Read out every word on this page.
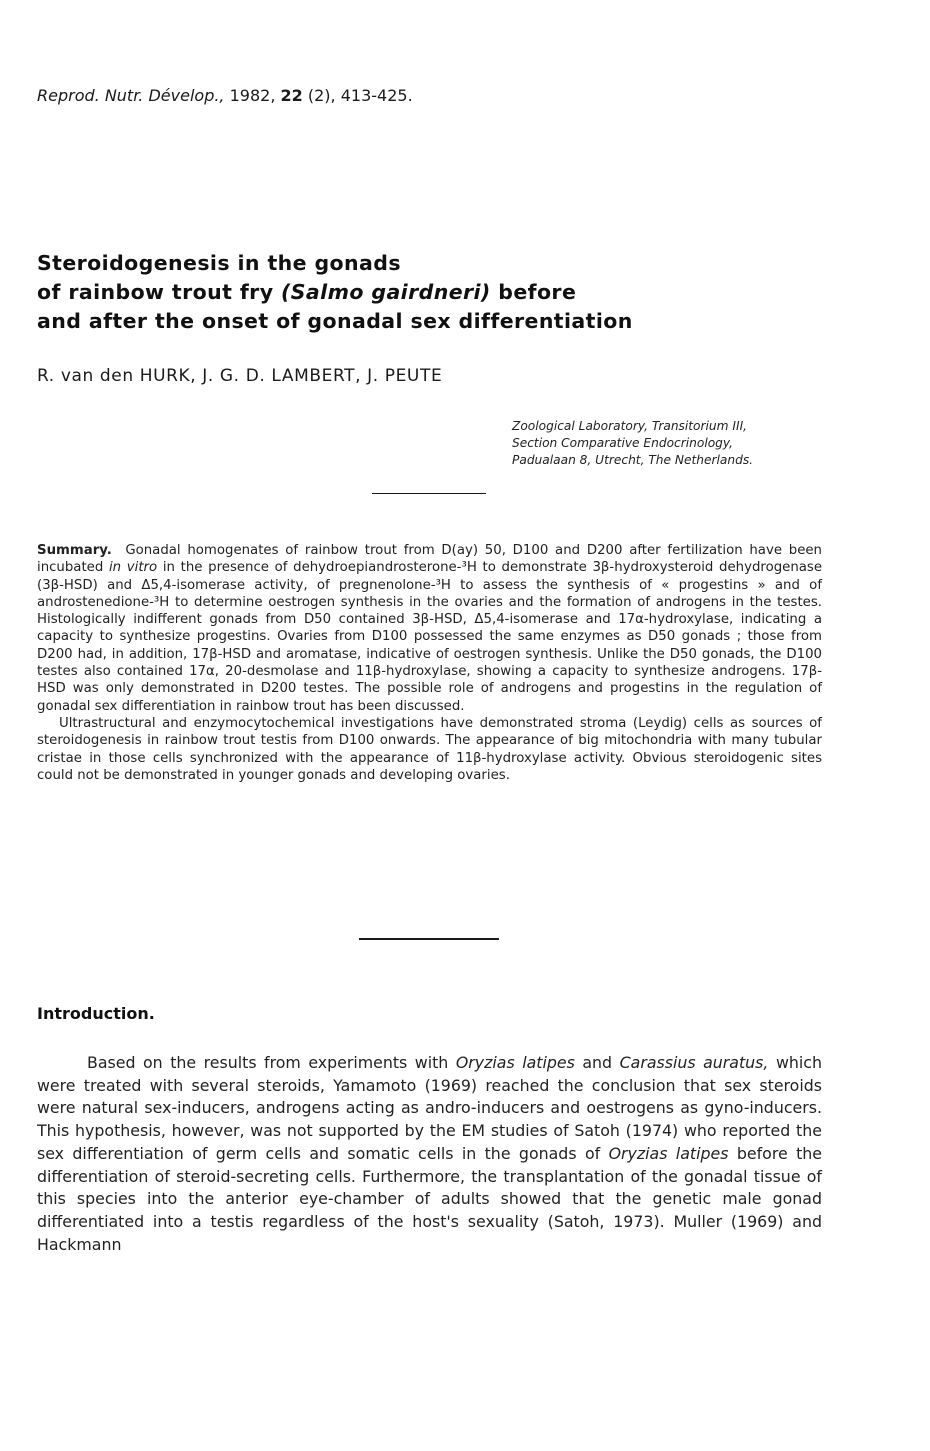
Reprod. Nutr. Dévelop., 1982, 22 (2), 413-425.
Steroidogenesis in the gonads
of rainbow trout fry (Salmo gairdneri) before
and after the onset of gonadal sex differentiation
R. van den HURK, J. G. D. LAMBERT, J. PEUTE
Zoological Laboratory, Transitorium III,
Section Comparative Endocrinology,
Padualaan 8, Utrecht, The Netherlands.

Summary. Gonadal homogenates of rainbow trout from D(ay) 50, D100 and D200 after fertilization have been incubated in vitro in the presence of dehydroepiandrosterone-³H to demonstrate 3β-hydroxysteroid dehydrogenase (3β-HSD) and Δ5,4-isomerase activity, of pregnenolone-³H to assess the synthesis of « progestins » and of androstenedione-³H to determine oestrogen synthesis in the ovaries and the formation of androgens in the testes. Histologically indifferent gonads from D50 contained 3β-HSD, Δ5,4-isomerase and 17α-hydroxylase, indicating a capacity to synthesize progestins. Ovaries from D100 possessed the same enzymes as D50 gonads ; those from D200 had, in addition, 17β-HSD and aromatase, indicative of oestrogen synthesis. Unlike the D50 gonads, the D100 testes also contained 17α, 20-desmolase and 11β-hydroxylase, showing a capacity to synthesize androgens. 17β-HSD was only demonstrated in D200 testes. The possible role of androgens and progestins in the regulation of gonadal sex differentiation in rainbow trout has been discussed.

Ultrastructural and enzymocytochemical investigations have demonstrated stroma (Leydig) cells as sources of steroidogenesis in rainbow trout testis from D100 onwards. The appearance of big mitochondria with many tubular cristae in those cells synchronized with the appearance of 11β-hydroxylase activity. Obvious steroidogenic sites could not be demonstrated in younger gonads and developing ovaries.

Introduction.
Based on the results from experiments with Oryzias latipes and Carassius auratus, which were treated with several steroids, Yamamoto (1969) reached the conclusion that sex steroids were natural sex-inducers, androgens acting as andro-inducers and oestrogens as gyno-inducers. This hypothesis, however, was not supported by the EM studies of Satoh (1974) who reported the sex differentiation of germ cells and somatic cells in the gonads of Oryzias latipes before the differentiation of steroid-secreting cells. Furthermore, the transplantation of the gonadal tissue of this species into the anterior eye-chamber of adults showed that the genetic male gonad differentiated into a testis regardless of the host's sexuality (Satoh, 1973). Muller (1969) and Hackmann
